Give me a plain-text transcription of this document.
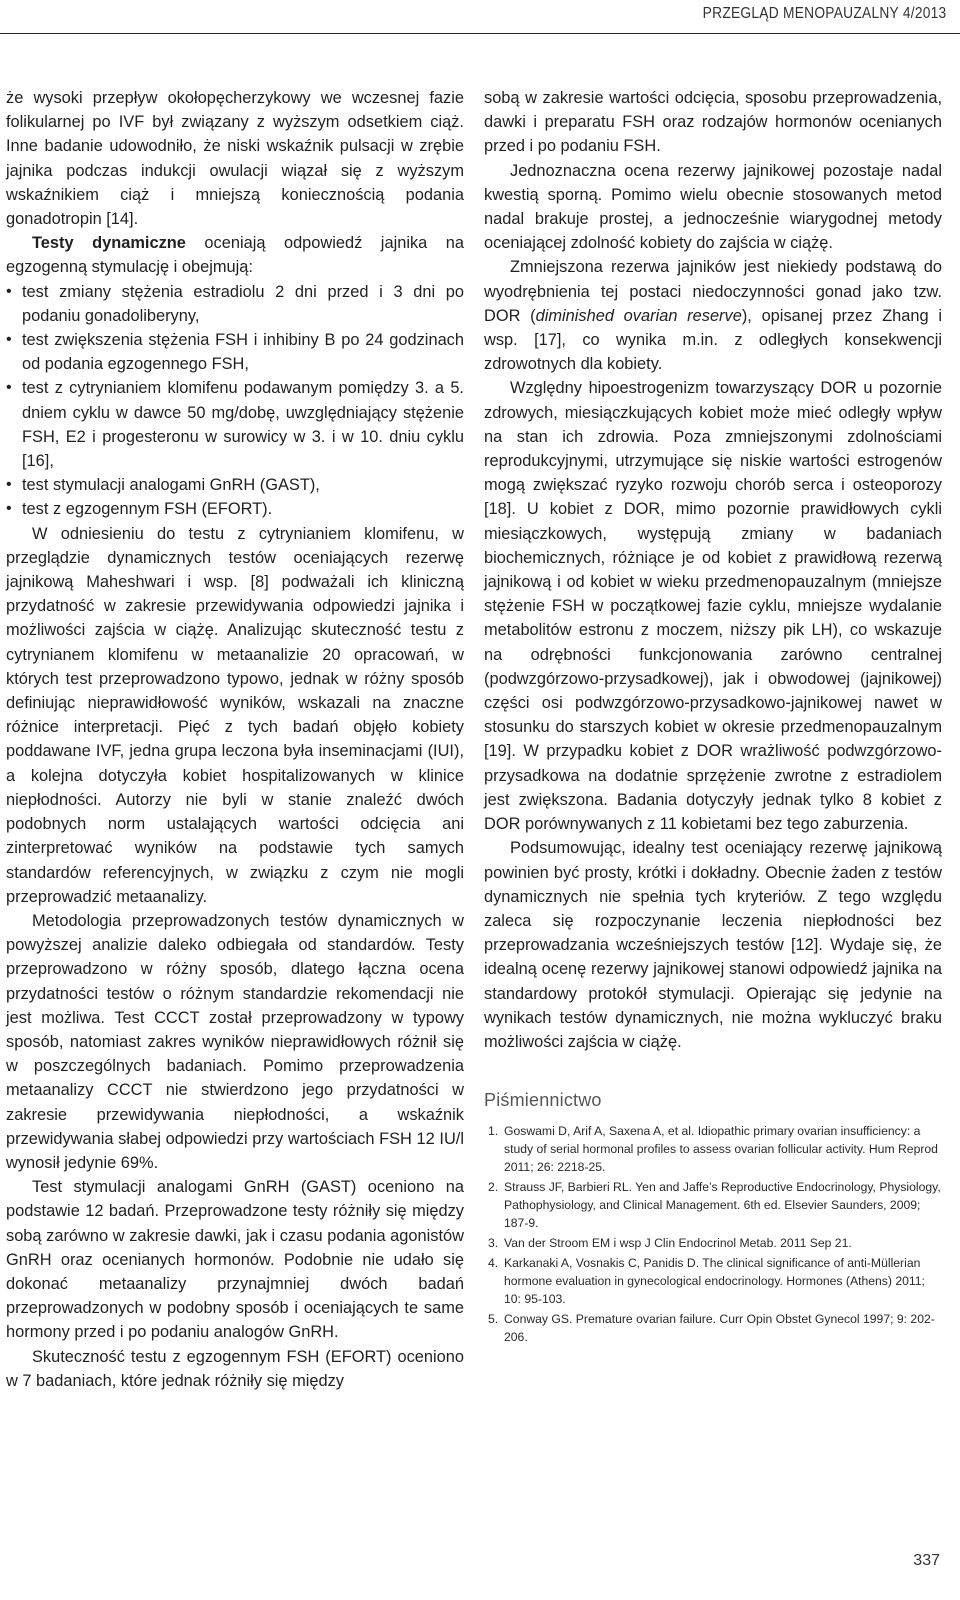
PRZEGLĄD MENOPAUZALNY 4/2013

że wysoki przepływ okołopęcherzykowy we wczesnej fazie folikularnej po IVF był związany z wyższym odsetkiem ciąż. Inne badanie udowodniło, że niski wskaźnik pulsacji w zrębie jajnika podczas indukcji owulacji wiązał się z wyższym wskaźnikiem ciąż i mniejszą koniecznością podania gonadotropin [14].

Testy dynamiczne oceniają odpowiedź jajnika na egzogenną stymulację i obejmują:

• test zmiany stężenia estradiolu 2 dni przed i 3 dni po podaniu gonadoliberyny,
• test zwiększenia stężenia FSH i inhibiny B po 24 godzinach od podania egzogennego FSH,
• test z cytrynianiem klomifenu podawanym pomiędzy 3. a 5. dniem cyklu w dawce 50 mg/dobę, uwzględniający stężenie FSH, E2 i progesteronu w surowicy w 3. i w 10. dniu cyklu [16],
• test stymulacji analogami GnRH (GAST),
• test z egzogennym FSH (EFORT).

W odniesieniu do testu z cytrynianiem klomifenu, w przeglądzie dynamicznych testów oceniających rezerwę jajnikową Maheshwari i wsp. [8] podważali ich kliniczną przydatność w zakresie przewidywania odpowiedzi jajnika i możliwości zajścia w ciążę. Analizując skuteczność testu z cytrynianem klomifenu w metaanalizie 20 opracowań, w których test przeprowadzono typowo, jednak w różny sposób definiując nieprawidłowość wyników, wskazali na znaczne różnice interpretacji. Pięć z tych badań objęło kobiety poddawane IVF, jedna grupa leczona była inseminacjami (IUI), a kolejna dotyczyła kobiet hospitalizowanych w klinice niepłodności. Autorzy nie byli w stanie znaleźć dwóch podobnych norm ustalających wartości odcięcia ani zinterpretować wyników na podstawie tych samych standardów referencyjnych, w związku z czym nie mogli przeprowadzić metaanalizy.

Metodologia przeprowadzonych testów dynamicznych w powyższej analizie daleko odbiegała od standardów. Testy przeprowadzono w różny sposób, dlatego łączna ocena przydatności testów o różnym standardzie rekomendacji nie jest możliwa. Test CCCT został przeprowadzony w typowy sposób, natomiast zakres wyników nieprawidłowych różnił się w poszczególnych badaniach. Pomimo przeprowadzenia metaanalizy CCCT nie stwierdzono jego przydatności w zakresie przewidywania niepłodności, a wskaźnik przewidywania słabej odpowiedzi przy wartościach FSH 12 IU/l wynosił jedynie 69%.

Test stymulacji analogami GnRH (GAST) oceniono na podstawie 12 badań. Przeprowadzone testy różniły się między sobą zarówno w zakresie dawki, jak i czasu podania agonistów GnRH oraz ocenianych hormonów. Podobnie nie udało się dokonać metaanalizy przynajmniej dwóch badań przeprowadzonych w podobny sposób i oceniających te same hormony przed i po podaniu analogów GnRH.

Skuteczność testu z egzogennym FSH (EFORT) oceniono w 7 badaniach, które jednak różniły się między

sobą w zakresie wartości odcięcia, sposobu przeprowadzenia, dawki i preparatu FSH oraz rodzajów hormonów ocenianych przed i po podaniu FSH.

Jednoznaczna ocena rezerwy jajnikowej pozostaje nadal kwestią sporną. Pomimo wielu obecnie stosowanych metod nadal brakuje prostej, a jednocześnie wiarygodnej metody oceniającej zdolność kobiety do zajścia w ciążę.

Zmniejszona rezerwa jajników jest niekiedy podstawą do wyodrębnienia tej postaci niedoczynności gonad jako tzw. DOR (diminished ovarian reserve), opisanej przez Zhang i wsp. [17], co wynika m.in. z odległych konsekwencji zdrowotnych dla kobiety.

Względny hipoestrogenizm towarzyszący DOR u pozornie zdrowych, miesiączkujących kobiet może mieć odległy wpływ na stan ich zdrowia. Poza zmniejszonymi zdolnościami reprodukcyjnymi, utrzymujące się niskie wartości estrogenów mogą zwiększać ryzyko rozwoju chorób serca i osteoporozy [18]. U kobiet z DOR, mimo pozornie prawidłowych cykli miesiączkowych, występują zmiany w badaniach biochemicznych, różniące je od kobiet z prawidłową rezerwą jajnikową i od kobiet w wieku przedmenopauzalnym (mniejsze stężenie FSH w początkowej fazie cyklu, mniejsze wydalanie metabolitów estronu z moczem, niższy pik LH), co wskazuje na odrębności funkcjonowania zarówno centralnej (podwzgórzowo-przysadkowej), jak i obwodowej (jajnikowej) części osi podwzgórzowo-przysadkowo-jajnikowej nawet w stosunku do starszych kobiet w okresie przedmenopauzalnym [19]. W przypadku kobiet z DOR wrażliwość podwzgórzowo-przysadkowa na dodatnie sprzężenie zwrotne z estradiolem jest zwiększona. Badania dotyczyły jednak tylko 8 kobiet z DOR porównywanych z 11 kobietami bez tego zaburzenia.

Podsumowując, idealny test oceniający rezerwę jajnikową powinien być prosty, krótki i dokładny. Obecnie żaden z testów dynamicznych nie spełnia tych kryteriów. Z tego względu zaleca się rozpoczynanie leczenia niepłodności bez przeprowadzania wcześniejszych testów [12]. Wydaje się, że idealną ocenę rezerwy jajnikowej stanowi odpowiedź jajnika na standardowy protokół stymulacji. Opierając się jedynie na wynikach testów dynamicznych, nie można wykluczyć braku możliwości zajścia w ciążę.

Piśmiennictwo
1. Goswami D, Arif A, Saxena A, et al. Idiopathic primary ovarian insufficiency: a study of serial hormonal profiles to assess ovarian follicular activity. Hum Reprod 2011; 26: 2218-25.
2. Strauss JF, Barbieri RL. Yen and Jaffe’s Reproductive Endocrinology, Physiology, Pathophysiology, and Clinical Management. 6th ed. Elsevier Saunders, 2009; 187-9.
3. Van der Stroom EM i wsp J Clin Endocrinol Metab. 2011 Sep 21.
4. Karkanaki A, Vosnakis C, Panidis D. The clinical significance of anti-Müllerian hormone evaluation in gynecological endocrinology. Hormones (Athens) 2011; 10: 95-103.
5. Conway GS. Premature ovarian failure. Curr Opin Obstet Gynecol 1997; 9: 202-206.
337
